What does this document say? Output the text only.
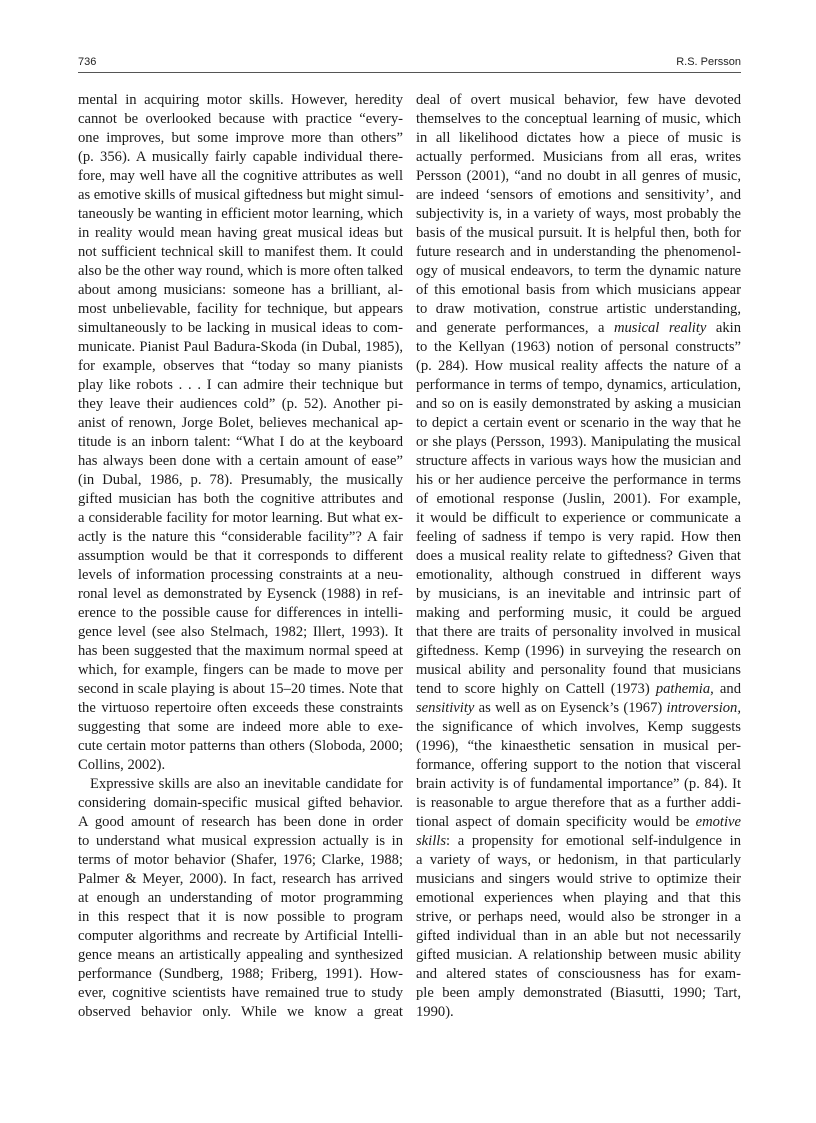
736	R.S. Persson
mental in acquiring motor skills. However, heredity
cannot be overlooked because with practice “every-
one improves, but some improve more than others”
(p. 356). A musically fairly capable individual there-
fore, may well have all the cognitive attributes as well
as emotive skills of musical giftedness but might simul-
taneously be wanting in efficient motor learning, which
in reality would mean having great musical ideas but
not sufficient technical skill to manifest them. It could
also be the other way round, which is more often talked
about among musicians: someone has a brilliant, al-
most unbelievable, facility for technique, but appears
simultaneously to be lacking in musical ideas to com-
municate. Pianist Paul Badura-Skoda (in Dubal, 1985),
for example, observes that “today so many pianists
play like robots . . . I can admire their technique but
they leave their audiences cold” (p. 52). Another pi-
anist of renown, Jorge Bolet, believes mechanical ap-
titude is an inborn talent: “What I do at the keyboard
has always been done with a certain amount of ease”
(in Dubal, 1986, p. 78). Presumably, the musically
gifted musician has both the cognitive attributes and
a considerable facility for motor learning. But what ex-
actly is the nature this “considerable facility”? A fair
assumption would be that it corresponds to different
levels of information processing constraints at a neu-
ronal level as demonstrated by Eysenck (1988) in ref-
erence to the possible cause for differences in intelli-
gence level (see also Stelmach, 1982; Illert, 1993). It
has been suggested that the maximum normal speed at
which, for example, fingers can be made to move per
second in scale playing is about 15–20 times. Note that
the virtuoso repertoire often exceeds these constraints
suggesting that some are indeed more able to exe-
cute certain motor patterns than others (Sloboda, 2000;
Collins, 2002).
Expressive skills are also an inevitable candidate for
considering domain-specific musical gifted behavior.
A good amount of research has been done in order
to understand what musical expression actually is in
terms of motor behavior (Shafer, 1976; Clarke, 1988;
Palmer & Meyer, 2000). In fact, research has arrived
at enough an understanding of motor programming
in this respect that it is now possible to program
computer algorithms and recreate by Artificial Intelli-
gence means an artistically appealing and synthesized
performance (Sundberg, 1988; Friberg, 1991). How-
ever, cognitive scientists have remained true to study
observed behavior only. While we know a great
deal of overt musical behavior, few have devoted
themselves to the conceptual learning of music, which
in all likelihood dictates how a piece of music is
actually performed. Musicians from all eras, writes
Persson (2001), “and no doubt in all genres of music,
are indeed ‘sensors of emotions and sensitivity’, and
subjectivity is, in a variety of ways, most probably the
basis of the musical pursuit. It is helpful then, both for
future research and in understanding the phenomenol-
ogy of musical endeavors, to term the dynamic nature
of this emotional basis from which musicians appear
to draw motivation, construe artistic understanding,
and generate performances, a musical reality akin
to the Kellyan (1963) notion of personal constructs”
(p. 284). How musical reality affects the nature of a
performance in terms of tempo, dynamics, articulation,
and so on is easily demonstrated by asking a musician
to depict a certain event or scenario in the way that he
or she plays (Persson, 1993). Manipulating the musical
structure affects in various ways how the musician and
his or her audience perceive the performance in terms
of emotional response (Juslin, 2001). For example,
it would be difficult to experience or communicate a
feeling of sadness if tempo is very rapid. How then
does a musical reality relate to giftedness? Given that
emotionality, although construed in different ways
by musicians, is an inevitable and intrinsic part of
making and performing music, it could be argued
that there are traits of personality involved in musical
giftedness. Kemp (1996) in surveying the research on
musical ability and personality found that musicians
tend to score highly on Cattell (1973) pathemia, and
sensitivity as well as on Eysenck’s (1967) introversion,
the significance of which involves, Kemp suggests
(1996), “the kinaesthetic sensation in musical per-
formance, offering support to the notion that visceral
brain activity is of fundamental importance” (p. 84). It
is reasonable to argue therefore that as a further addi-
tional aspect of domain specificity would be emotive
skills: a propensity for emotional self-indulgence in
a variety of ways, or hedonism, in that particularly
musicians and singers would strive to optimize their
emotional experiences when playing and that this
strive, or perhaps need, would also be stronger in a
gifted individual than in an able but not necessarily
gifted musician. A relationship between music ability
and altered states of consciousness has for exam-
ple been amply demonstrated (Biasutti, 1990; Tart,
1990).
